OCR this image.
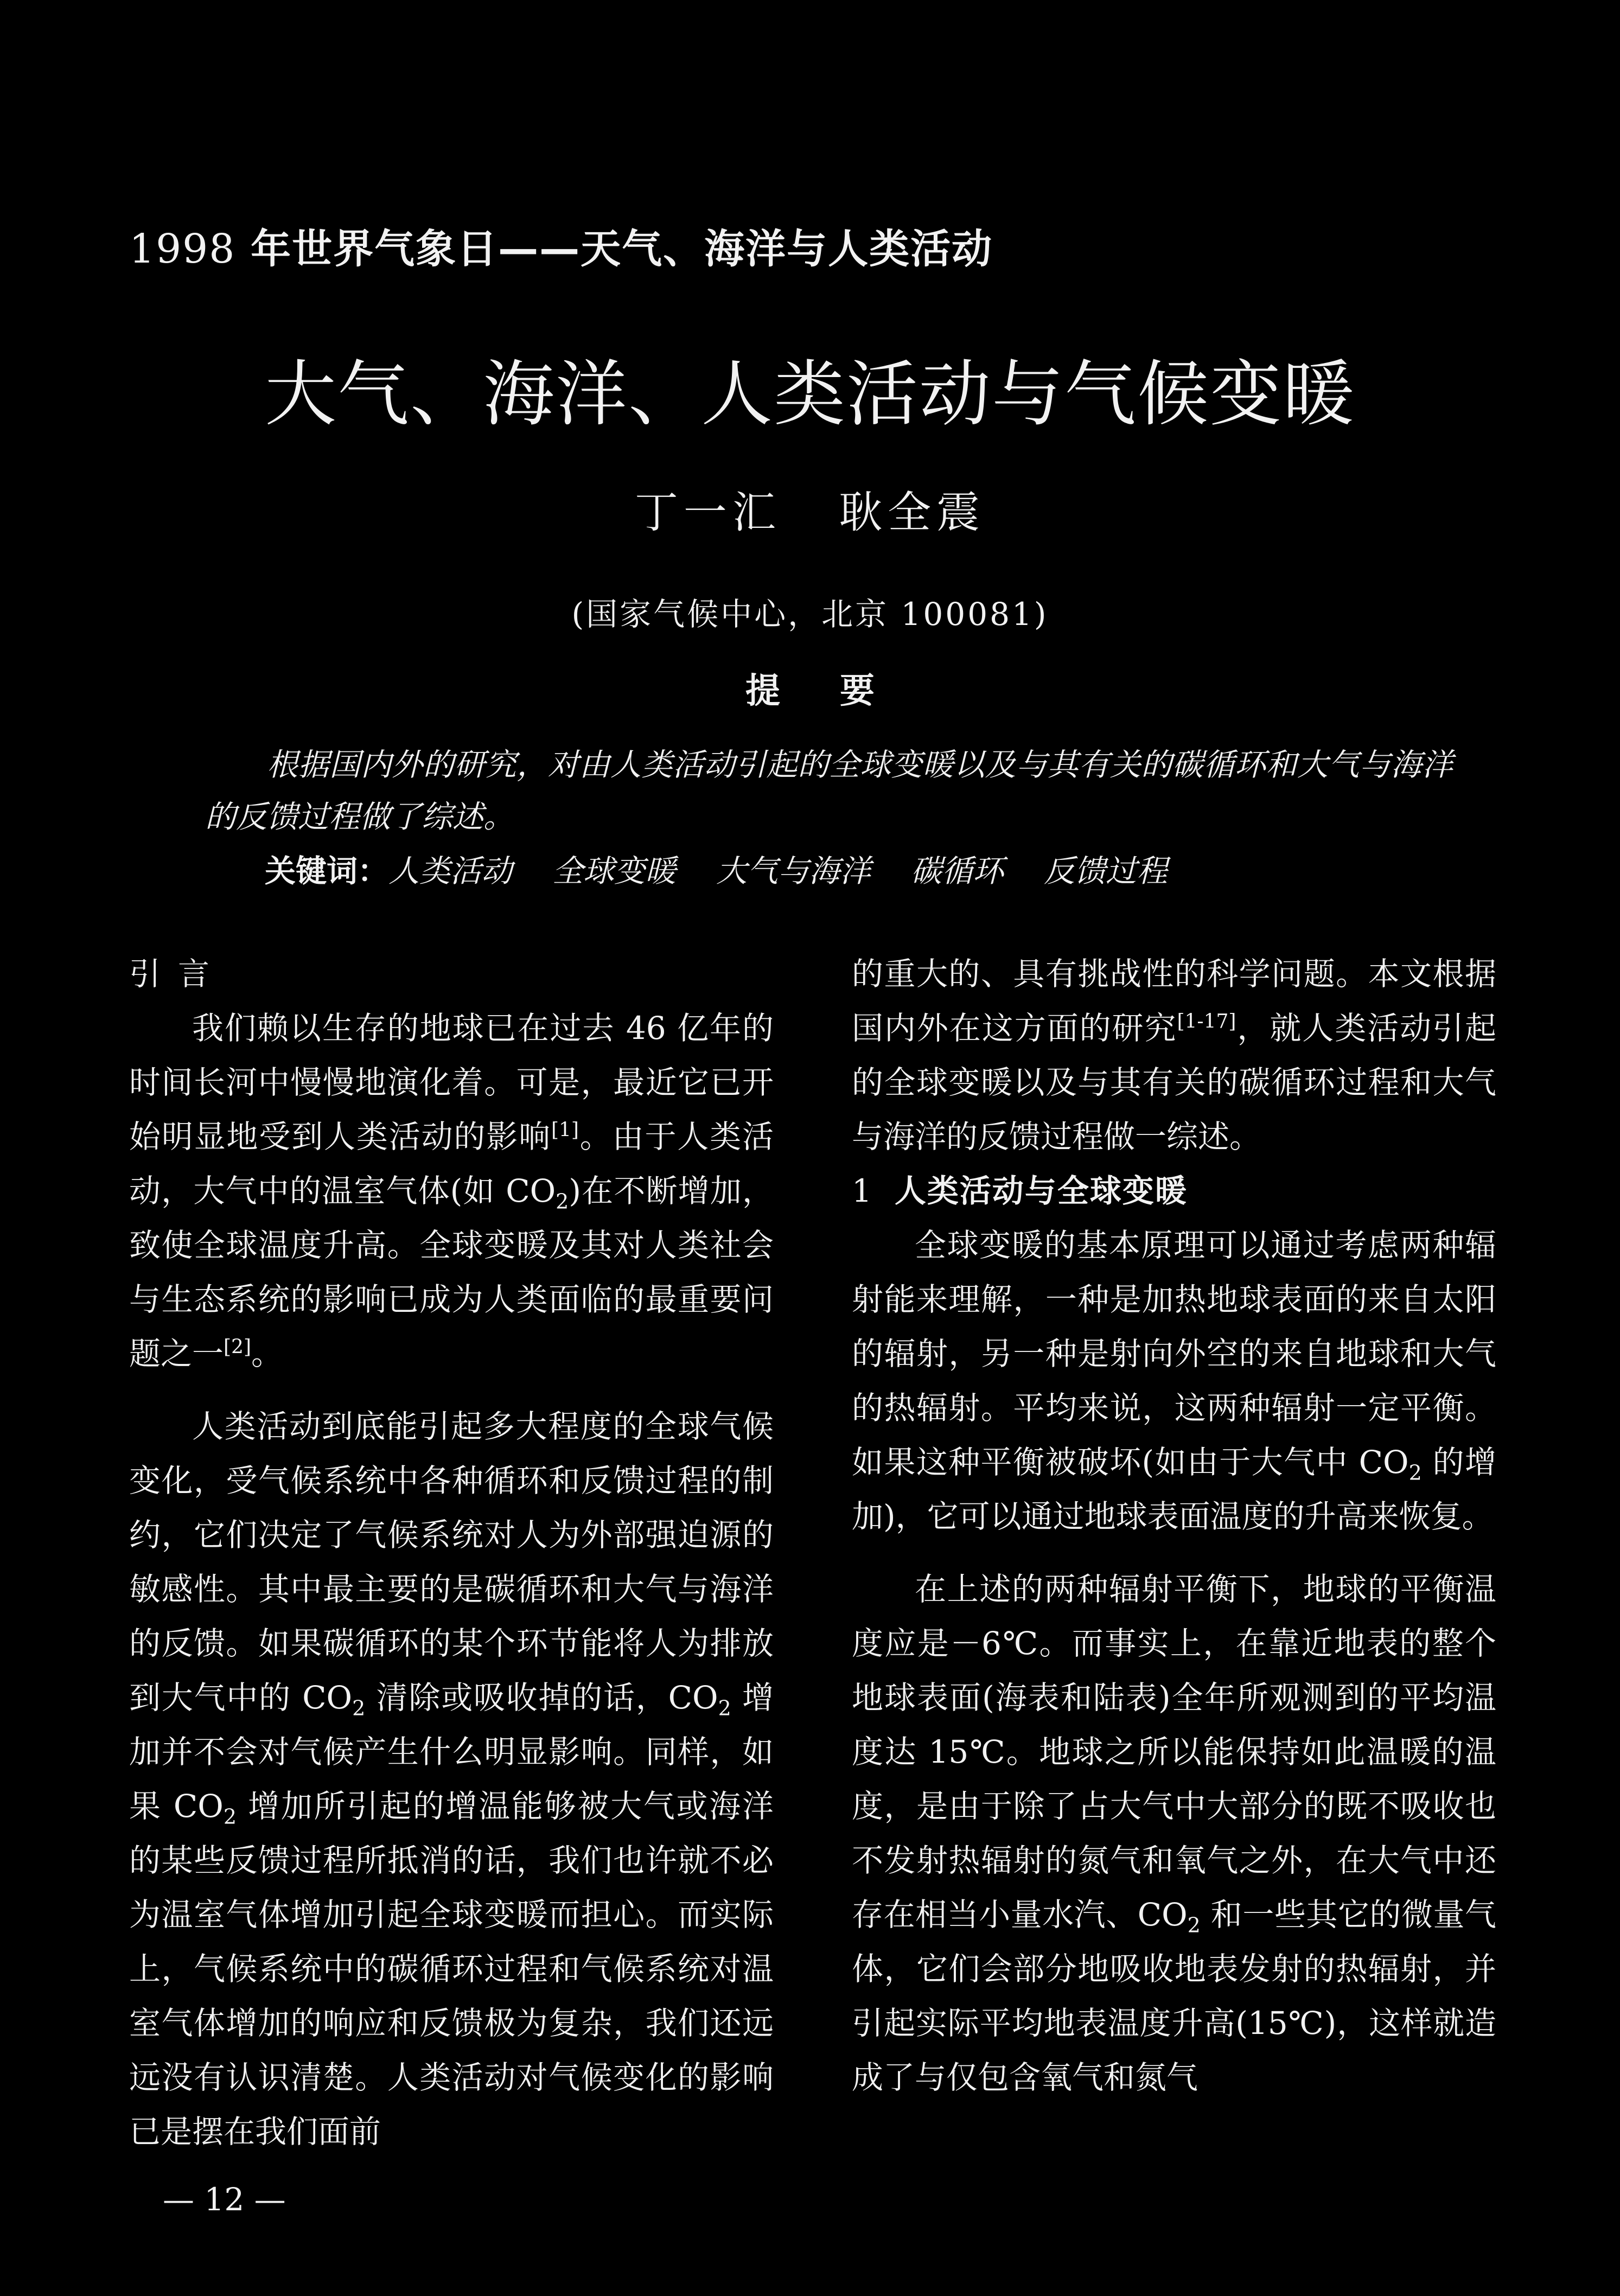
1998 年世界气象日——天气、海洋与人类活动
大气、海洋、人类活动与气候变暖
丁一汇   耿全震
(国家气候中心，北京 100081)
提要
根据国内外的研究，对由人类活动引起的全球变暖以及与其有关的碳循环和大气与海洋的反馈过程做了综述。
关键词：人类活动 全球变暖 大气与海洋 碳循环 反馈过程
引言

我们赖以生存的地球已在过去 46 亿年的时间长河中慢慢地演化着。可是，最近它已开始明显地受到人类活动的影响[1]。由于人类活动，大气中的温室气体(如 $CO_2$)在不断增加，致使全球温度升高。全球变暖及其对人类社会与生态系统的影响已成为人类面临的最重要问题之一[2]。

人类活动到底能引起多大程度的全球气候变化，受气候系统中各种循环和反馈过程的制约，它们决定了气候系统对人为外部强迫源的敏感性。其中最主要的是碳循环和大气与海洋的反馈。如果碳循环的某个环节能将人为排放到大气中的 $CO_2$ 清除或吸收掉的话，$CO_2$ 增加并不会对气候产生什么明显影响。同样，如果 $CO_2$ 增加所引起的增温能够被大气或海洋的某些反馈过程所抵消的话，我们也许就不必为温室气体增加引起全球变暖而担心。而实际上，气候系统中的碳循环过程和气候系统对温室气体增加的响应和反馈极为复杂，我们还远远没有认识清楚。人类活动对气候变化的影响已是摆在我们面前

的重大的、具有挑战性的科学问题。本文根据国内外在这方面的研究[1-17]，就人类活动引起的全球变暖以及与其有关的碳循环过程和大气与海洋的反馈过程做一综述。

1 人类活动与全球变暖

全球变暖的基本原理可以通过考虑两种辐射能来理解，一种是加热地球表面的来自太阳的辐射，另一种是射向外空的来自地球和大气的热辐射。平均来说，这两种辐射一定平衡。如果这种平衡被破坏(如由于大气中 $CO_2$ 的增加)，它可以通过地球表面温度的升高来恢复。

在上述的两种辐射平衡下，地球的平衡温度应是－6℃。而事实上，在靠近地表的整个地球表面(海表和陆表)全年所观测到的平均温度达 15℃。地球之所以能保持如此温暖的温度，是由于除了占大气中大部分的既不吸收也不发射热辐射的氮气和氧气之外，在大气中还存在相当小量水汽、$CO_2$ 和一些其它的微量气体，它们会部分地吸收地表发射的热辐射，并引起实际平均地表温度升高(15℃)，这样就造成了与仅包含氧气和氮气

— 12 —
